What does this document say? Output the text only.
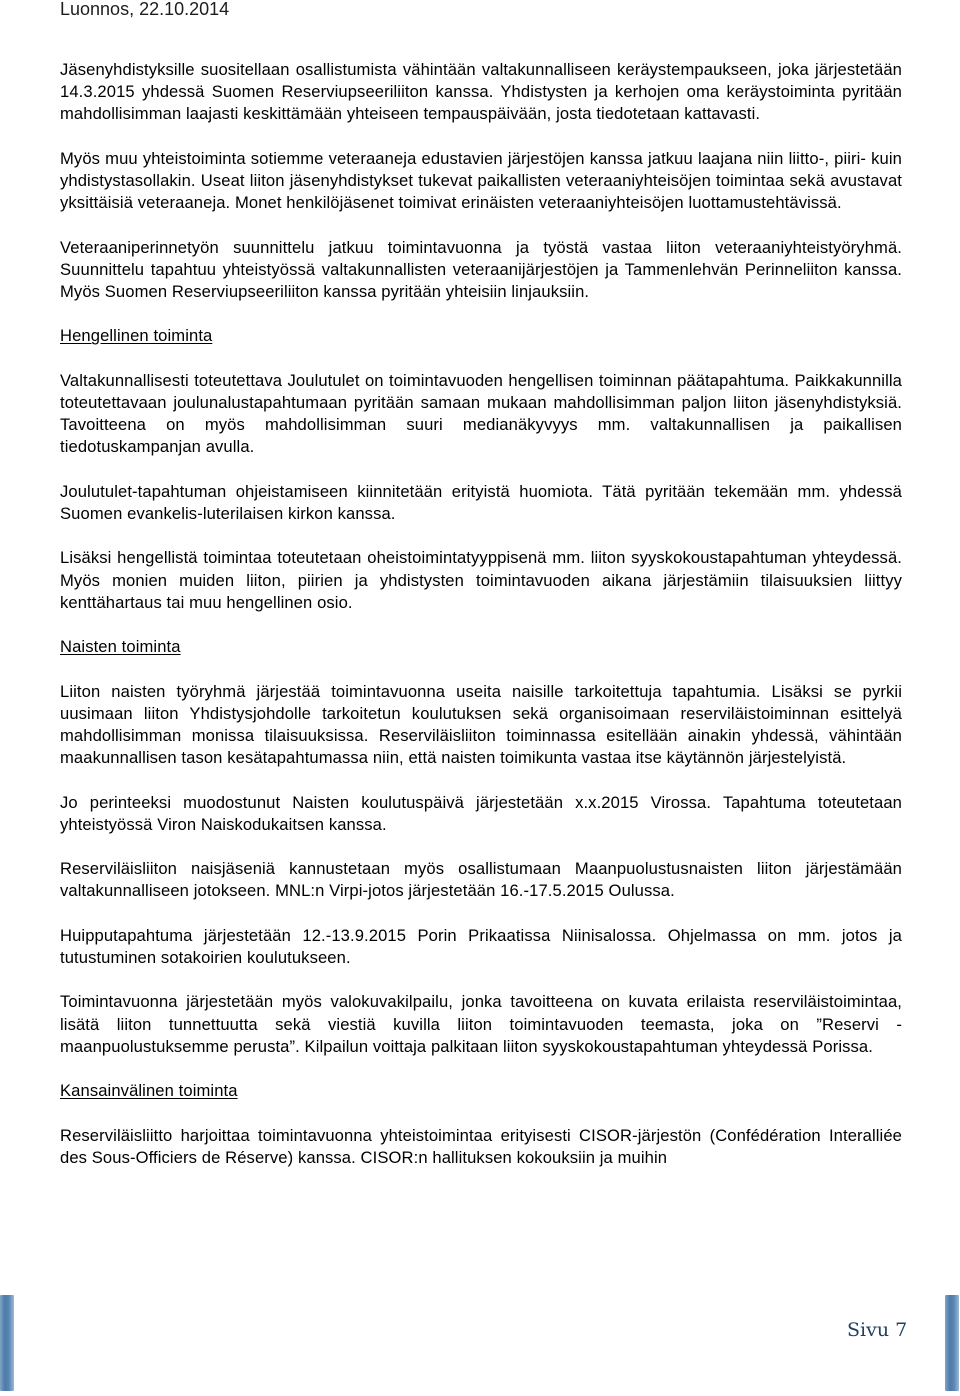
Luonnos, 22.10.2014

Jäsenyhdistyksille suositellaan osallistumista vähintään valtakunnalliseen keräystempaukseen, joka järjestetään 14.3.2015 yhdessä Suomen Reserviupseeriliiton kanssa. Yhdistysten ja kerhojen oma keräystoiminta pyritään mahdollisimman laajasti keskittämään yhteiseen tempauspäivään, josta tiedotetaan kattavasti.

Myös muu yhteistoiminta sotiemme veteraaneja edustavien järjestöjen kanssa jatkuu laajana niin liitto-, piiri- kuin yhdistystasollakin. Useat liiton jäsenyhdistykset tukevat paikallisten veteraaniyhteisöjen toimintaa sekä avustavat yksittäisiä veteraaneja. Monet henkilöjäsenet toimivat erinäisten veteraaniyhteisöjen luottamustehtävissä.

Veteraaniperinnetyön suunnittelu jatkuu toimintavuonna ja työstä vastaa liiton veteraaniyhteistyöryhmä. Suunnittelu tapahtuu yhteistyössä valtakunnallisten veteraanijärjestöjen ja Tammenlehvän Perinneliiton kanssa. Myös Suomen Reserviupseeriliiton kanssa pyritään yhteisiin linjauksiin.

Hengellinen toiminta

Valtakunnallisesti toteutettava Joulutulet on toimintavuoden hengellisen toiminnan päätapahtuma. Paikkakunnilla toteutettavaan joulunalustapahtumaan pyritään samaan mukaan mahdollisimman paljon liiton jäsenyhdistyksiä. Tavoitteena on myös mahdollisimman suuri medianäkyvyys mm. valtakunnallisen ja paikallisen tiedotuskampanjan avulla.

Joulutulet-tapahtuman ohjeistamiseen kiinnitetään erityistä huomiota. Tätä pyritään tekemään mm. yhdessä Suomen evankelis-luterilaisen kirkon kanssa.

Lisäksi hengellistä toimintaa toteutetaan oheistoimintatyyppisenä mm. liiton syyskokoustapahtuman yhteydessä. Myös monien muiden liiton, piirien ja yhdistysten toimintavuoden aikana järjestämiin tilaisuuksien liittyy kenttähartaus tai muu hengellinen osio.

Naisten toiminta

Liiton naisten työryhmä järjestää toimintavuonna useita naisille tarkoitettuja tapahtumia. Lisäksi se pyrkii uusimaan liiton Yhdistysjohdolle tarkoitetun koulutuksen sekä organisoimaan reserviläistoiminnan esittelyä mahdollisimman monissa tilaisuuksissa. Reserviläisliiton toiminnassa esitellään ainakin yhdessä, vähintään maakunnallisen tason kesätapahtumassa niin, että naisten toimikunta vastaa itse käytännön järjestelyistä.

Jo perinteeksi muodostunut Naisten koulutuspäivä järjestetään x.x.2015 Virossa. Tapahtuma toteutetaan yhteistyössä Viron Naiskodukaitsen kanssa.

Reserviläisliiton naisjäseniä kannustetaan myös osallistumaan Maanpuolustusnaisten liiton järjestämään valtakunnalliseen jotokseen. MNL:n Virpi-jotos järjestetään 16.-17.5.2015 Oulussa.

Huipputapahtuma järjestetään 12.-13.9.2015 Porin Prikaatissa Niinisalossa. Ohjelmassa on mm. jotos ja tutustuminen sotakoirien koulutukseen.

Toimintavuonna järjestetään myös valokuvakilpailu, jonka tavoitteena on kuvata erilaista reserviläistoimintaa, lisätä liiton tunnettuutta sekä viestiä kuvilla liiton toimintavuoden teemasta, joka on ”Reservi - maanpuolustuksemme perusta”. Kilpailun voittaja palkitaan liiton syyskokoustapahtuman yhteydessä Porissa.

Kansainvälinen toiminta

Reserviläisliitto harjoittaa toimintavuonna yhteistoimintaa erityisesti CISOR-järjestön (Confédération Interalliée des Sous-Officiers de Réserve) kanssa. CISOR:n hallituksen kokouksiin ja muihin

Sivu 7
